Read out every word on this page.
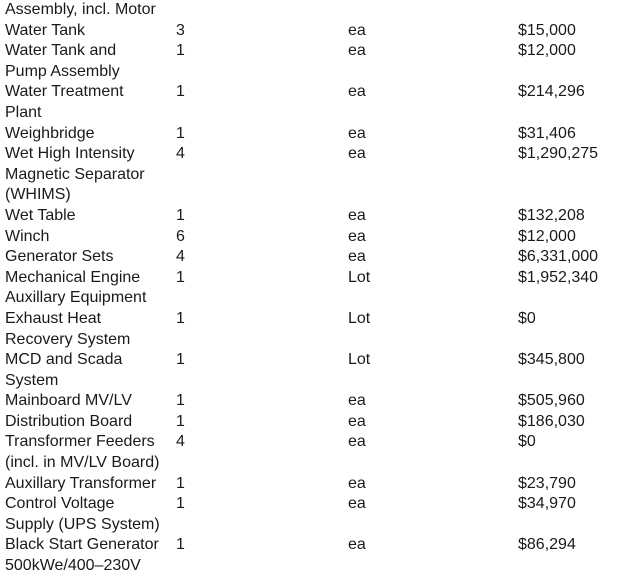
Assembly, incl. Motor
Water Tank	3	ea	$15,000
Water Tank and
Pump Assembly
1	ea	$12,000
Water Treatment
Plant
1	ea	$214,296
Weighbridge	1	ea	$31,406
Wet High Intensity
Magnetic Separator
(WHIMS)
4	ea	$1,290,275
Wet Table	1	ea	$132,208
Winch	6	ea	$12,000
Generator Sets	4	ea	$6,331,000
Mechanical Engine
Auxillary Equipment
1	Lot	$1,952,340
Exhaust Heat
Recovery System
1	Lot	$0
MCD and Scada
System
1	Lot	$345,800
Mainboard MV/LV	1	ea	$505,960
Distribution Board	1	ea	$186,030
Transformer Feeders
(incl. in MV/LV Board)
4	ea	$0
Auxillary Transformer	1	ea	$23,790
Control Voltage
Supply (UPS System)
1	ea	$34,970
Black Start Generator
500kWe/400–230V
1	ea	$86,294
